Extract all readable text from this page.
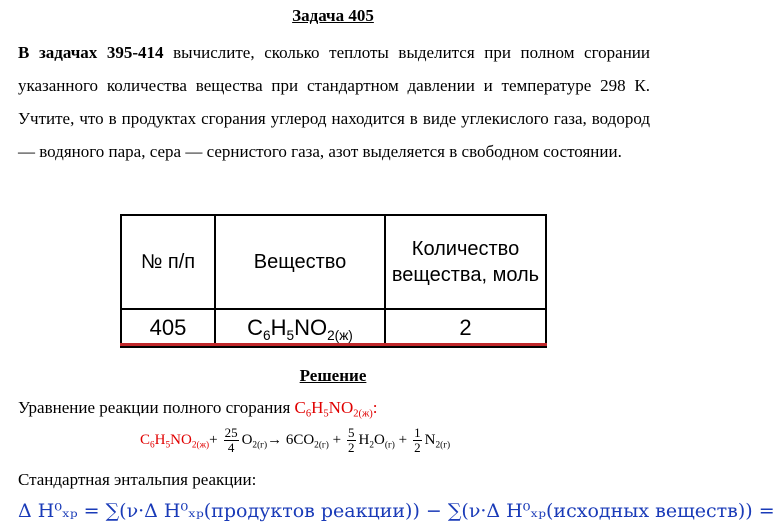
Задача 405
В задачах 395-414 вычислите, сколько теплоты выделится при полном сгорании указанного количества вещества при стандартном давлении и температуре 298 К. Учтите, что в продуктах сгорания углерод находится в виде углекислого газа, водород — водяного пара, сера — сернистого газа, азот выделяется в свободном состоянии.
№ п/п	Вещество	Количество вещества, моль
405	$C_6H_5NO_{2(ж)}$	2
Решение
Уравнение реакции полного сгорания $C_6H_5NO_{2(ж)}$:
$C_6H_5NO_{2(ж)} + \frac{25}{4} O_{2(г)} \to 6CO_{2(г)} + \frac{5}{2} H_2O_{(г)} + \frac{1}{2} N_{2(г)}$
Стандартная энтальпия реакции:
Δ H⁰ₓₚ = ∑(ν·Δ H⁰ₓₚ(продуктов реакции)) − ∑(ν·Δ H⁰ₓₚ(исходных веществ)) =
